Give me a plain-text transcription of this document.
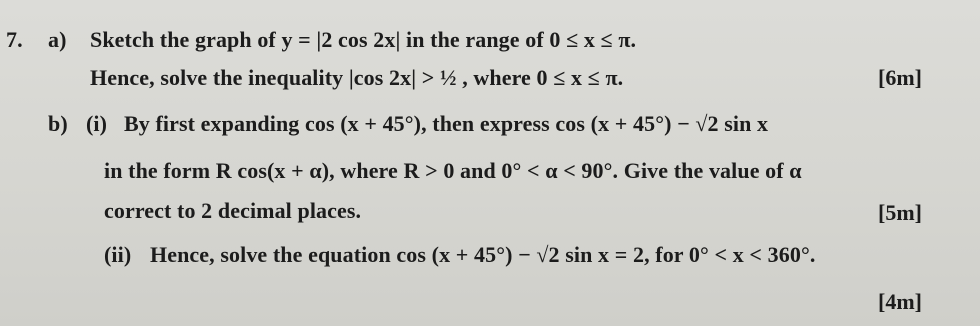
7. a) Sketch the graph of y = |2 cos 2x| in the range of 0 ≤ x ≤ π.
Hence, solve the inequality |cos 2x| > ½ , where 0 ≤ x ≤ π.	[6m]
b) (i) By first expanding cos (x + 45°), then express cos (x + 45°) − √2 sin x
in the form R cos(x + α), where R > 0 and 0° < α < 90°. Give the value of α
correct to 2 decimal places.	[5m]
(ii) Hence, solve the equation cos (x + 45°) − √2 sin x = 2, for 0° < x < 360°.
[4m]
